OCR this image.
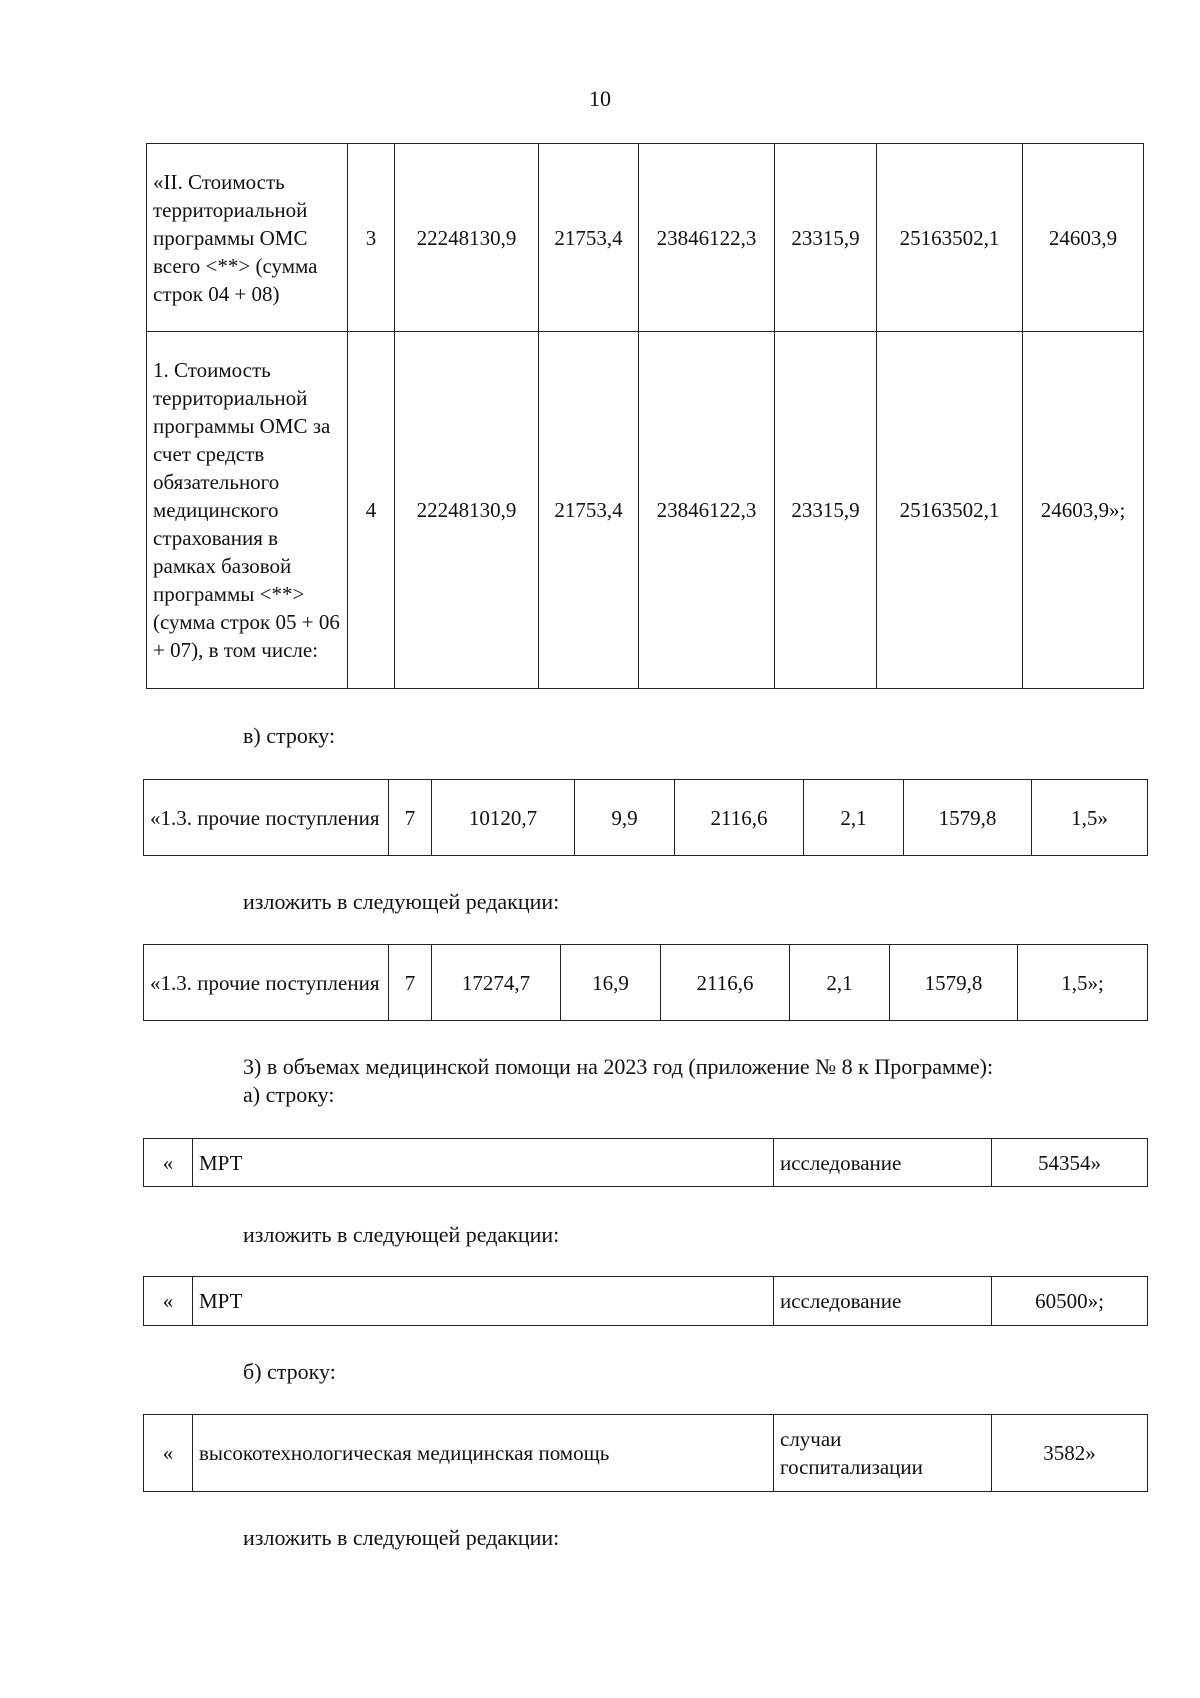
10
«II. Стоимость территориальной программы ОМС всего <**> (сумма строк 04 + 08)	3	22248130,9	21753,4	23846122,3	23315,9	25163502,1	24603,9
1. Стоимость территориальной программы ОМС за счет средств обязательного медицинского страхования в рамках базовой программы <**> (сумма строк 05 + 06 + 07), в том числе:	4	22248130,9	21753,4	23846122,3	23315,9	25163502,1	24603,9»;
в) строку:
«1.3. прочие поступления	7	10120,7	9,9	2116,6	2,1	1579,8	1,5»
изложить в следующей редакции:
«1.3. прочие поступления	7	17274,7	16,9	2116,6	2,1	1579,8	1,5»;
3) в объемах медицинской помощи на 2023 год (приложение № 8 к Программе):
а) строку:
«	МРТ	исследование	54354»
изложить в следующей редакции:
«	МРТ	исследование	60500»;
б) строку:
«	высокотехнологическая медицинская помощь	случаи госпитализации	3582»
изложить в следующей редакции:
